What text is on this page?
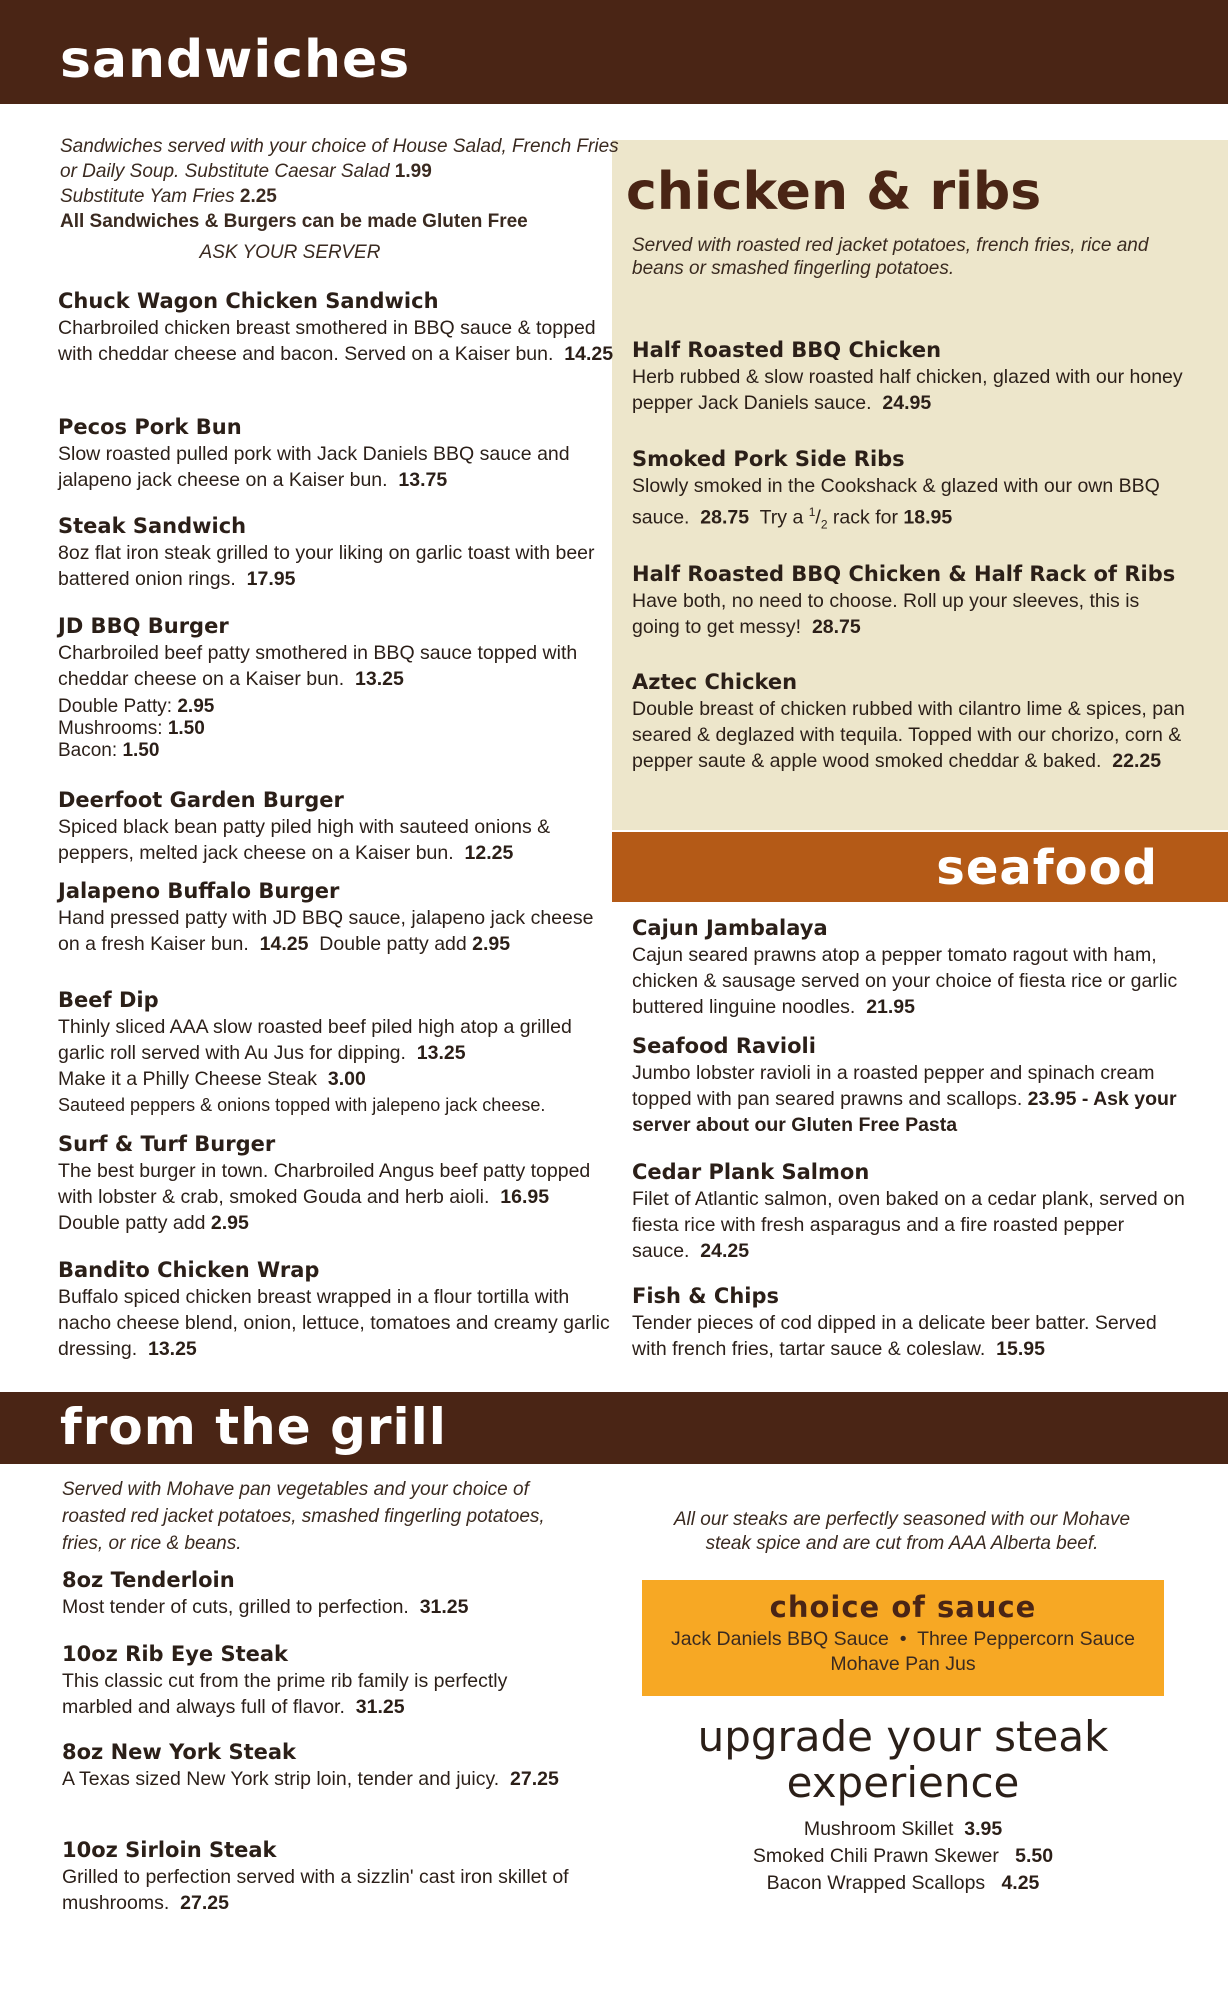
sandwiches
Sandwiches served with your choice of House Salad, French Fries
or Daily Soup. Substitute Caesar Salad 1.99
Substitute Yam Fries 2.25
All Sandwiches & Burgers can be made Gluten Free
ASK YOUR SERVER
Chuck Wagon Chicken Sandwich
Charbroiled chicken breast smothered in BBQ sauce & topped with cheddar cheese and bacon. Served on a Kaiser bun. 14.25
Pecos Pork Bun
Slow roasted pulled pork with Jack Daniels BBQ sauce and jalapeno jack cheese on a Kaiser bun. 13.75
Steak Sandwich
8oz flat iron steak grilled to your liking on garlic toast with beer battered onion rings. 17.95
JD BBQ Burger
Charbroiled beef patty smothered in BBQ sauce topped with cheddar cheese on a Kaiser bun. 13.25
Double Patty: 2.95
Mushrooms: 1.50
Bacon: 1.50
Deerfoot Garden Burger
Spiced black bean patty piled high with sauteed onions & peppers, melted jack cheese on a Kaiser bun. 12.25
Jalapeno Buffalo Burger
Hand pressed patty with JD BBQ sauce, jalapeno jack cheese on a fresh Kaiser bun. 14.25 Double patty add 2.95
Beef Dip
Thinly sliced AAA slow roasted beef piled high atop a grilled garlic roll served with Au Jus for dipping. 13.25
Make it a Philly Cheese Steak 3.00
Sauteed peppers & onions topped with jalepeno jack cheese.
Surf & Turf Burger
The best burger in town. Charbroiled Angus beef patty topped with lobster & crab, smoked Gouda and herb aioli. 16.95  Double patty add 2.95
Bandito Chicken Wrap
Buffalo spiced chicken breast wrapped in a flour tortilla with nacho cheese blend, onion, lettuce, tomatoes and creamy garlic dressing. 13.25
chicken & ribs
Served with roasted red jacket potatoes, french fries, rice and beans or smashed fingerling potatoes.
Half Roasted BBQ Chicken
Herb rubbed & slow roasted half chicken, glazed with our honey pepper Jack Daniels sauce. 24.95
Smoked Pork Side Ribs
Slowly smoked in the Cookshack & glazed with our own BBQ sauce. 28.75 Try a $^1/_2$ rack for 18.95
Half Roasted BBQ Chicken & Half Rack of Ribs
Have both, no need to choose. Roll up your sleeves, this is going to get messy! 28.75
Aztec Chicken
Double breast of chicken rubbed with cilantro lime & spices, pan seared & deglazed with tequila. Topped with our chorizo, corn & pepper saute & apple wood smoked cheddar & baked. 22.25
seafood
Cajun Jambalaya
Cajun seared prawns atop a pepper tomato ragout with ham, chicken & sausage served on your choice of fiesta rice or garlic buttered linguine noodles. 21.95
Seafood Ravioli
Jumbo lobster ravioli in a roasted pepper and spinach cream topped with pan seared prawns and scallops. 23.95 - Ask your server about our Gluten Free Pasta
Cedar Plank Salmon
Filet of Atlantic salmon, oven baked on a cedar plank, served on fiesta rice with fresh asparagus and a fire roasted pepper sauce. 24.25
Fish & Chips
Tender pieces of cod dipped in a delicate beer batter. Served with french fries, tartar sauce & coleslaw. 15.95
from the grill
Served with Mohave pan vegetables and your choice of roasted red jacket potatoes, smashed fingerling potatoes, fries, or rice & beans.
8oz Tenderloin
Most tender of cuts, grilled to perfection. 31.25
10oz Rib Eye Steak
This classic cut from the prime rib family is perfectly marbled and always full of flavor. 31.25
8oz New York Steak
A Texas sized New York strip loin, tender and juicy. 27.25
10oz Sirloin Steak
Grilled to perfection served with a sizzlin' cast iron skillet of mushrooms. 27.25
All our steaks are perfectly seasoned with our Mohave steak spice and are cut from AAA Alberta beef.
choice of sauce
Jack Daniels BBQ Sauce • Three Peppercorn Sauce
Mohave Pan Jus
upgrade your steak
experience
Mushroom Skillet 3.95
Smoked Chili Prawn Skewer 5.50
Bacon Wrapped Scallops 4.25
